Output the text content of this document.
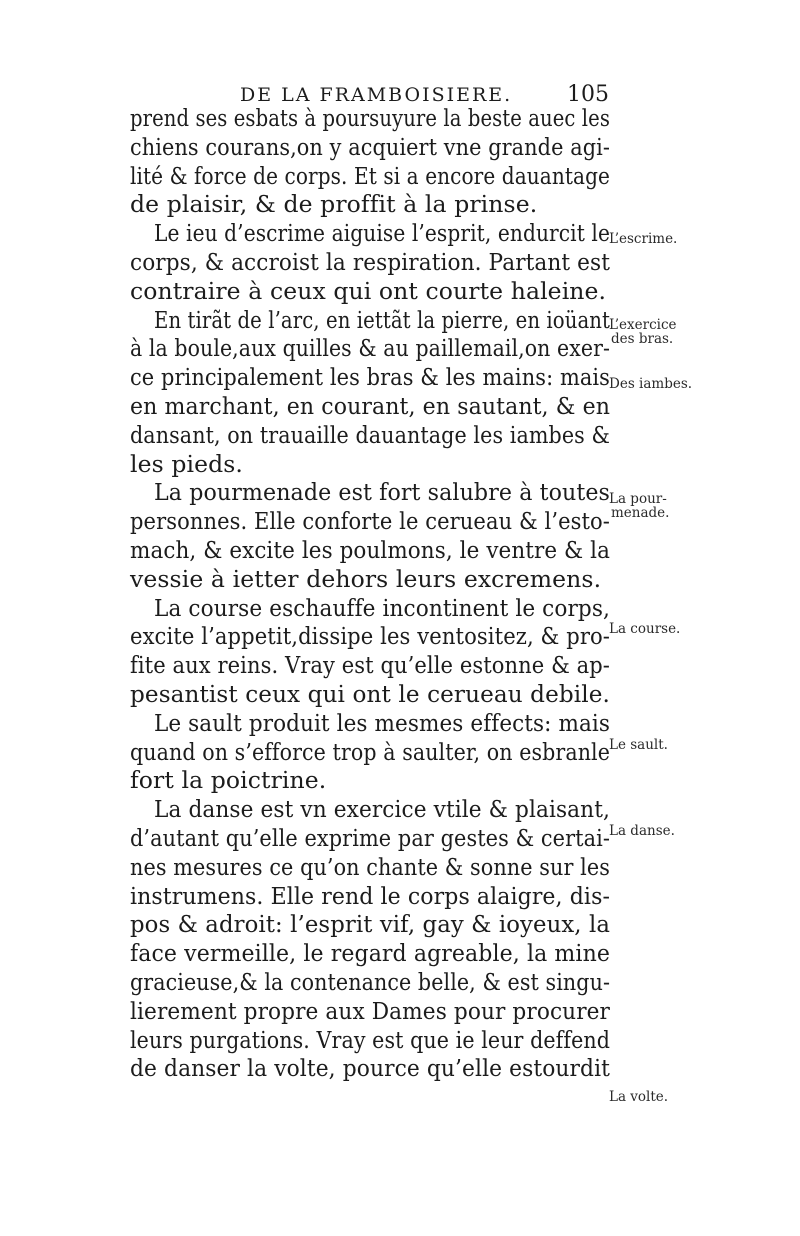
DE LA FRAMBOISIERE. 105
prend ses esbats à poursuyure la beste auec les
chiens courans,on y acquiert vne grande agi-
lité & force de corps. Et si a encore dauantage
de plaisir, & de proffit à la prinse.
Le ieu d’escrime aiguise l’esprit, endurcit le
corps, & accroist la respiration. Partant est
contraire à ceux qui ont courte haleine.
En tirãt de l’arc, en iettãt la pierre, en ioüant
à la boule,aux quilles & au paillemail,on exer-
ce principalement les bras & les mains: mais
en marchant, en courant, en sautant, & en
dansant, on trauaille dauantage les iambes &
les pieds.
La pourmenade est fort salubre à toutes
personnes. Elle conforte le cerueau & l’esto-
mach, & excite les poulmons, le ventre & la
vessie à ietter dehors leurs excremens.
La course eschauffe incontinent le corps,
excite l’appetit,dissipe les ventositez, & pro-
fite aux reins. Vray est qu’elle estonne & ap-
pesantist ceux qui ont le cerueau debile.
Le sault produit les mesmes effects: mais
quand on s’efforce trop à saulter, on esbranle
fort la poictrine.
La danse est vn exercice vtile & plaisant,
d’autant qu’elle exprime par gestes & certai-
nes mesures ce qu’on chante & sonne sur les
instrumens. Elle rend le corps alaigre, dis-
pos & adroit: l’esprit vif, gay & ioyeux, la
face vermeille, le regard agreable, la mine
gracieuse,& la contenance belle, & est singu-
lierement propre aux Dames pour procurer
leurs purgations. Vray est que ie leur deffend
de danser la volte, pource qu’elle estourdit
L’escrime.
L’exercice
des bras.
Des iambes.
La pour-
menade.
La course.
Le sault.
La danse.
La volte.
